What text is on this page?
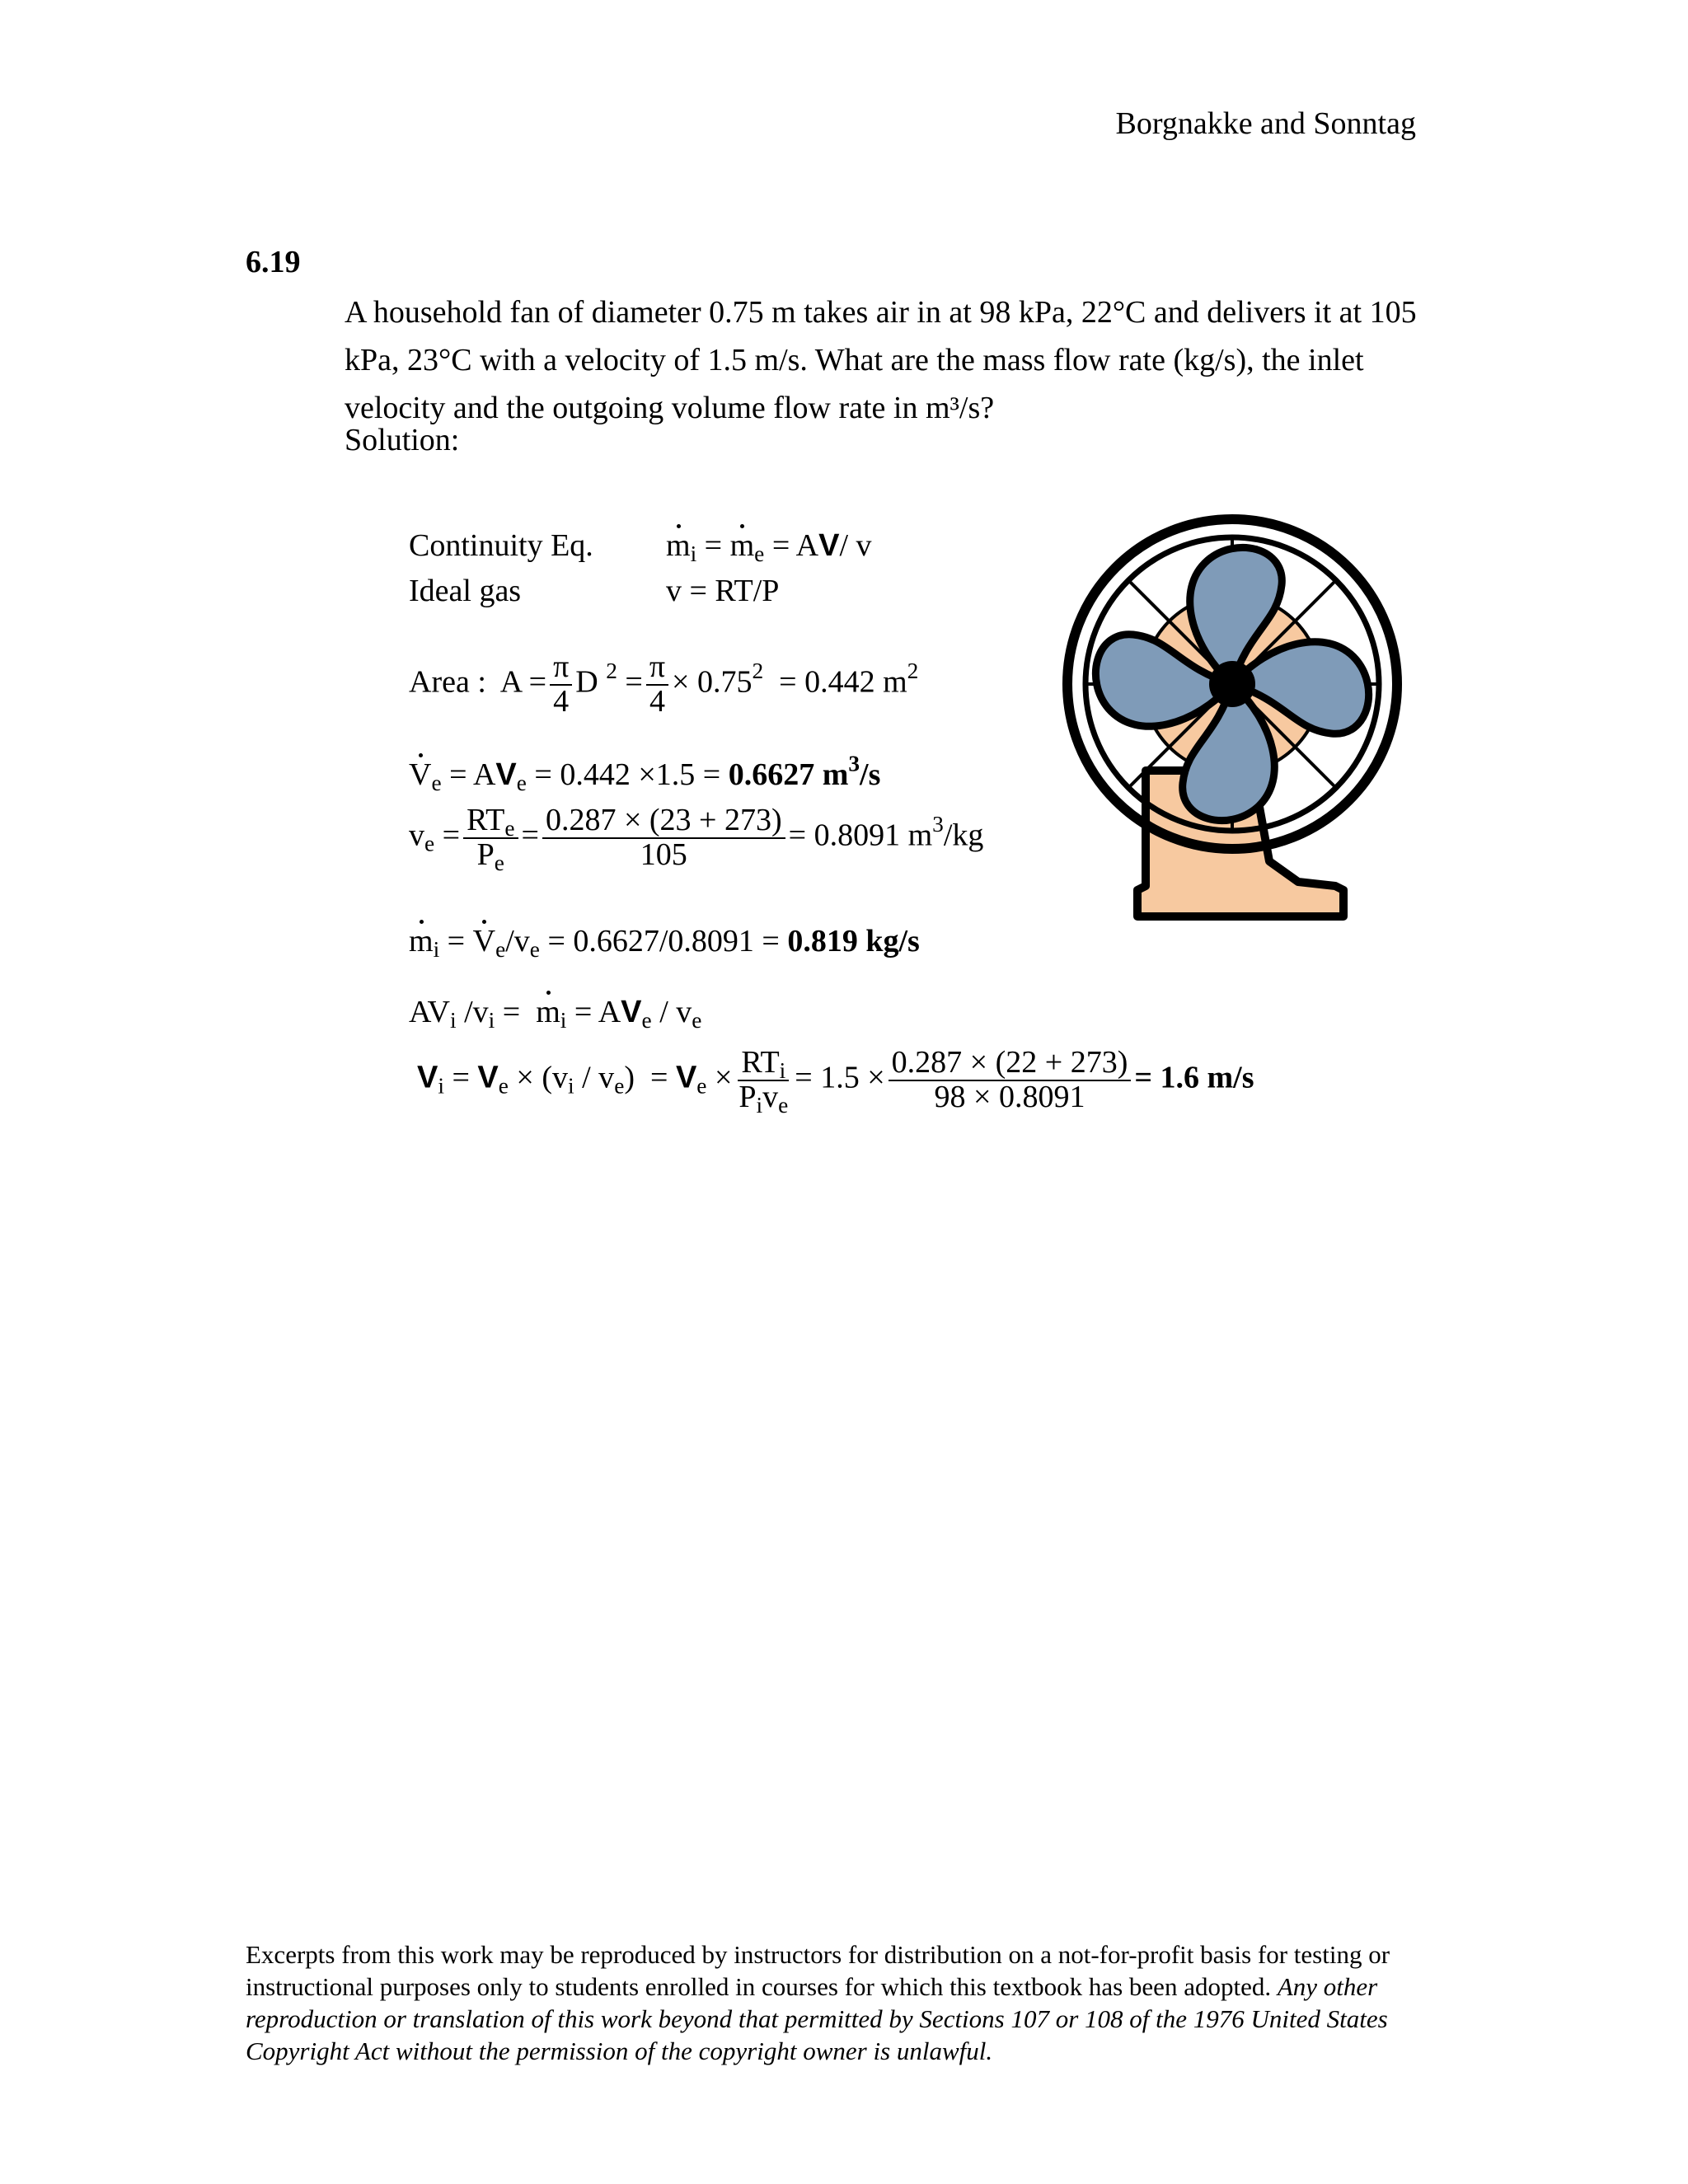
Borgnakke and Sonntag
6.19
A household fan of diameter 0.75 m takes air in at 98 kPa, 22°C and delivers it at 105 kPa, 23°C with a velocity of 1.5 m/s. What are the mass flow rate (kg/s), the inlet velocity and the outgoing volume flow rate in m³/s?
Solution:
Continuity Eq. $m_i = m_e = AV/$ v
Ideal gas	v = RT/P
Area :  $A = \frac{\pi}{4}$ D $^2 = \frac{\pi}{4} \times 0.75^2 = 0.442$ $m^2$
$V_e = AV_e = 0.442 \times 1.5 = 0.6627$ $m^3/s$
$v_e = \frac{RT_e}{P_e} = \frac{0.287 \times (23 + 273)}{105} = 0.8091$ $m^3/kg$
$m_i = V_e/v_e = 0.6627/0.8091 = 0.819$ kg/s
$AV_i$ $/v_i = m_i = AV_e / v_e$
$V_i = V_e \times (v_i / v_e) = V_e \times \frac{RT_i}{P_iv_e} = 1.5 \times \frac{0.287 \times (22 + 273)}{98 \times 0.8091} = 1.6$ m/s
Excerpts from this work may be reproduced by instructors for distribution on a not-for-profit basis for testing or instructional purposes only to students enrolled in courses for which this textbook has been adopted. Any other reproduction or translation of this work beyond that permitted by Sections 107 or 108 of the 1976 United States Copyright Act without the permission of the copyright owner is unlawful.
